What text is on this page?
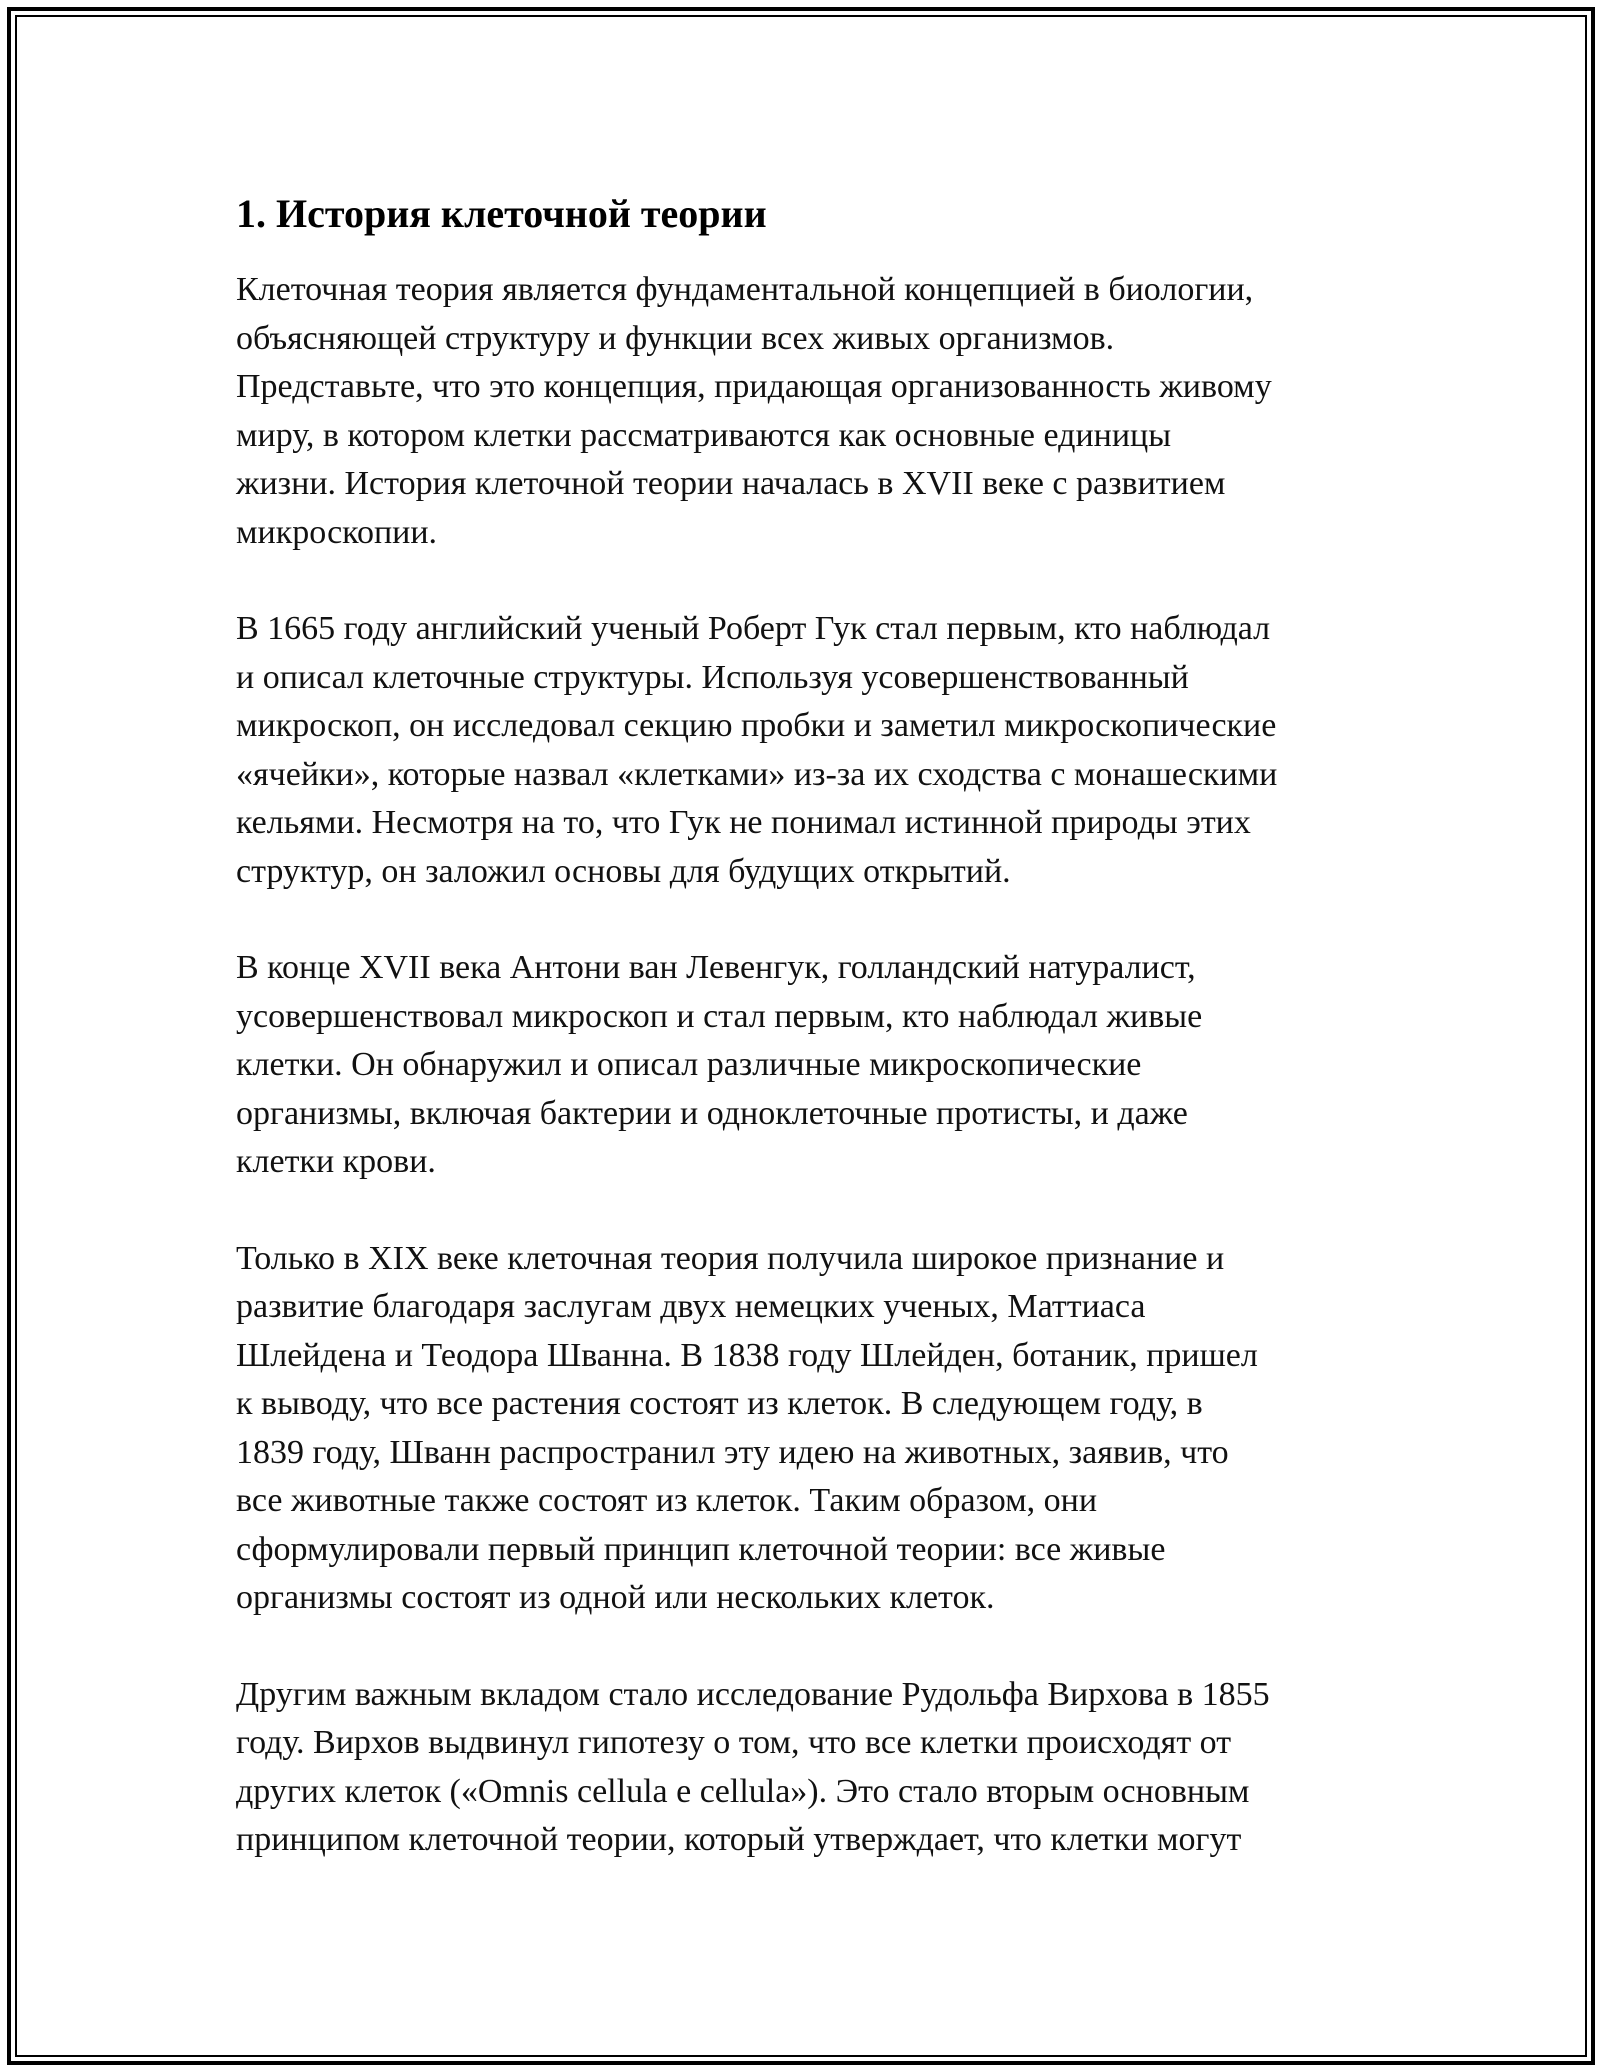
1. История клеточной теории

Клеточная теория является фундаментальной концепцией в биологии,
объясняющей структуру и функции всех живых организмов.
Представьте, что это концепция, придающая организованность живому
миру, в котором клетки рассматриваются как основные единицы
жизни. История клеточной теории началась в XVII веке с развитием
микроскопии.

В 1665 году английский ученый Роберт Гук стал первым, кто наблюдал
и описал клеточные структуры. Используя усовершенствованный
микроскоп, он исследовал секцию пробки и заметил микроскопические
«ячейки», которые назвал «клетками» из-за их сходства с монашескими
кельями. Несмотря на то, что Гук не понимал истинной природы этих
структур, он заложил основы для будущих открытий.

В конце XVII века Антони ван Левенгук, голландский натуралист,
усовершенствовал микроскоп и стал первым, кто наблюдал живые
клетки. Он обнаружил и описал различные микроскопические
организмы, включая бактерии и одноклеточные протисты, и даже
клетки крови.

Только в XIX веке клеточная теория получила широкое признание и
развитие благодаря заслугам двух немецких ученых, Маттиаса
Шлейдена и Теодора Шванна. В 1838 году Шлейден, ботаник, пришел
к выводу, что все растения состоят из клеток. В следующем году, в
1839 году, Шванн распространил эту идею на животных, заявив, что
все животные также состоят из клеток. Таким образом, они
сформулировали первый принцип клеточной теории: все живые
организмы состоят из одной или нескольких клеток.

Другим важным вкладом стало исследование Рудольфа Вирхова в 1855
году. Вирхов выдвинул гипотезу о том, что все клетки происходят от
других клеток («Omnis cellula e cellula»). Это стало вторым основным
принципом клеточной теории, который утверждает, что клетки могут
